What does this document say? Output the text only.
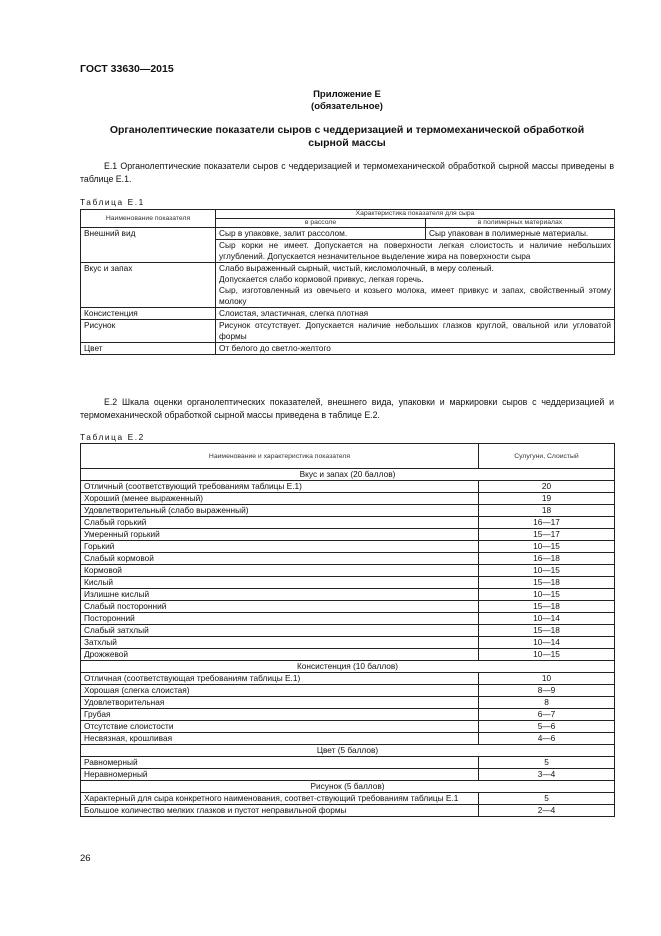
ГОСТ 33630—2015
Приложение Е
(обязательное)
Органолептические показатели сыров с чеддеризацией и термомеханической обработкой
сырной массы
Е.1 Органолептические показатели сыров с чеддеризацией и термомеханической обработкой сырной массы приведены в таблице Е.1.
Таблица Е.1
Наименование показателя	Характеристика показателя для сыра	
	в рассоле	в полимерных материалах
Внешний вид	Сыр в упаковке, залит рассолом.	Сыр упакован в полимерные материалы.
	Сыр корки не имеет. Допускается на поверхности легкая слоистость и наличие небольших углублений. Допускается незначительное выделение жира на поверхности сыра	
Вкус и запах	Слабо выраженный сырный, чистый, кисломолочный, в меру соленый.
Допускается слабо кормовой привкус, легкая горечь.
Сыр, изготовленный из овечьего и козьего молока, имеет привкус и запах, свойственный этому молоку	

Консистенция	Слоистая, эластичная, слегка плотная	
Рисунок	Рисунок отсутствует. Допускается наличие небольших глазков круглой, овальной или угловатой формы	
Цвет	От белого до светло-желтого	
Е.2 Шкала оценки органолептических показателей, внешнего вида, упаковки и маркировки сыров с чеддеризацией и термомеханической обработкой сырной массы приведена в таблице Е.2.
Таблица Е.2
Наименование и характеристика показателя	Сулугуни, Слоистый
Вкус и запах (20 баллов)	
Отличный (соответствующий требованиям таблицы Е.1)	20
Хороший (менее выраженный)	19
Удовлетворительный (слабо выраженный)	18
Слабый горький	16—17
Умеренный горький	15—17
Горький	10—15
Слабый кормовой	16—18
Кормовой	10—15
Кислый	15—18
Излишне кислый	10—15
Слабый посторонний	15—18
Посторонний	10—14
Слабый затхлый	15—18
Затхлый	10—14
Дрожжевой	10—15
Консистенция (10 баллов)	
Отличная (соответствующая требованиям таблицы Е.1)	10
Хорошая (слегка слоистая)	8—9
Удовлетворительная	8
Грубая	6—7
Отсутствие слоистости	5—6
Несвязная, крошливая	4—6
Цвет (5 баллов)	
Равномерный	5
Неравномерный	3—4
Рисунок (5 баллов)	
Характерный для сыра конкретного наименования, соответ-ствующий требованиям таблицы Е.1	5
Большое количество мелких глазков и пустот неправильной формы	2—4
26
